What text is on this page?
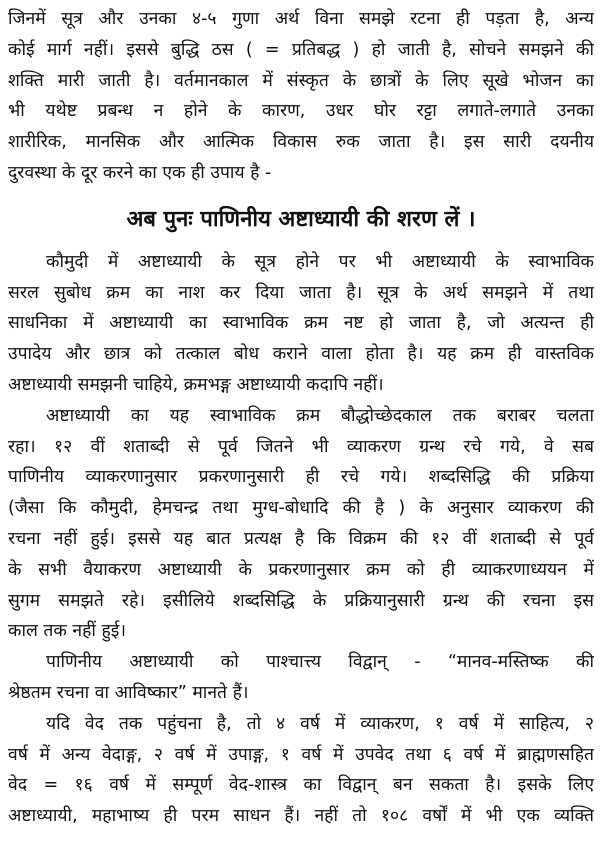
जिनमें सूत्र और उनका ४-५ गुणा अर्थ विना समझे रटना ही पड़ता है, अन्य
कोई मार्ग नहीं। इससे बुद्धि ठस ( = प्रतिबद्ध ) हो जाती है, सोचने समझने की
शक्ति मारी जाती है। वर्तमानकाल में संस्कृत के छात्रों के लिए सूखे भोजन का
भी यथेष्ट प्रबन्ध न होने के कारण, उधर घोर रट्टा लगाते-लगाते उनका
शारीरिक, मानसिक और आत्मिक विकास रुक जाता है। इस सारी दयनीय
दुरवस्था के दूर करने का एक ही उपाय है -
अब पुनः पाणिनीय अष्टाध्यायी की शरण लें ।
कौमुदी में अष्टाध्यायी के सूत्र होने पर भी अष्टाध्यायी के स्वाभाविक
सरल सुबोध क्रम का नाश कर दिया जाता है। सूत्र के अर्थ समझने में तथा
साधनिका में अष्टाध्यायी का स्वाभाविक क्रम नष्ट हो जाता है, जो अत्यन्त ही
उपादेय और छात्र को तत्काल बोध कराने वाला होता है। यह क्रम ही वास्तविक
अष्टाध्यायी समझनी चाहिये, क्रमभङ्ग अष्टाध्यायी कदापि नहीं।
अष्टाध्यायी का यह स्वाभाविक क्रम बौद्धोच्छेदकाल तक बराबर चलता
रहा। १२ वीं शताब्दी से पूर्व जितने भी व्याकरण ग्रन्थ रचे गये, वे सब
पाणिनीय व्याकरणानुसार प्रकरणानुसारी ही रचे गये। शब्दसिद्धि की प्रक्रिया
(जैसा कि कौमुदी, हेमचन्द्र तथा मुग्ध-बोधादि की है ) के अनुसार व्याकरण की
रचना नहीं हुई। इससे यह बात प्रत्यक्ष है कि विक्रम की १२ वीं शताब्दी से पूर्व
के सभी वैयाकरण अष्टाध्यायी के प्रकरणानुसार क्रम को ही व्याकरणाध्ययन में
सुगम समझते रहे। इसीलिये शब्दसिद्धि के प्रक्रियानुसारी ग्रन्थ की रचना इस
काल तक नहीं हुई।
पाणिनीय अष्टाध्यायी को पाश्चात्त्य विद्वान् - “मानव-मस्तिष्क की
श्रेष्ठतम रचना वा आविष्कार” मानते हैं।
यदि वेद तक पहुंचना है, तो ४ वर्ष में व्याकरण, १ वर्ष में साहित्य, २
वर्ष में अन्य वेदाङ्ग, २ वर्ष में उपाङ्ग, १ वर्ष में उपवेद तथा ६ वर्ष में ब्राह्मणसहित
वेद = १६ वर्ष में सम्पूर्ण वेद-शास्त्र का विद्वान् बन सकता है। इसके लिए
अष्टाध्यायी, महाभाष्य ही परम साधन हैं। नहीं तो १०८ वर्षों में भी एक व्यक्ति
